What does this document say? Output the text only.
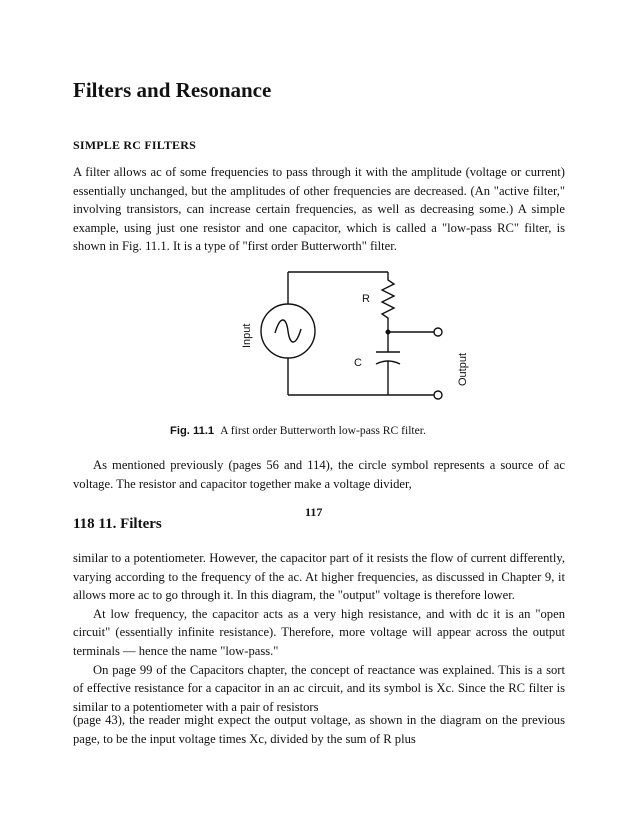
Filters and Resonance
SIMPLE RC FILTERS

A filter allows ac of some frequencies to pass through it with the amplitude (voltage or current) essentially unchanged, but the amplitudes of other frequencies are decreased. (An "active filter," involving transistors, can increase certain frequencies, as well as decreasing some.) A simple example, using just one resistor and one capacitor, which is called a "low-pass RC" filter, is shown in Fig. 11.1. It is a type of "first order Butterworth" filter.

R
C
Input
Output
Fig. 11.1 A first order Butterworth low-pass RC filter.

As mentioned previously (pages 56 and 114), the circle symbol represents a source of ac voltage. The resistor and capacitor together make a voltage divider,

117
118 11. Filters
similar to a potentiometer. However, the capacitor part of it resists the flow of current differently, varying according to the frequency of the ac. At higher frequencies, as discussed in Chapter 9, it allows more ac to go through it. In this diagram, the "output" voltage is therefore lower.
At low frequency, the capacitor acts as a very high resistance, and with dc it is an "open circuit" (essentially infinite resistance). Therefore, more voltage will appear across the output terminals — hence the name "low-pass."
On page 99 of the Capacitors chapter, the concept of reactance was explained. This is a sort of effective resistance for a capacitor in an ac circuit, and its symbol is Xc. Since the RC filter is similar to a potentiometer with a pair of resistors

(page 43), the reader might expect the output voltage, as shown in the diagram on the previous page, to be the input voltage times Xc, divided by the sum of R plus
